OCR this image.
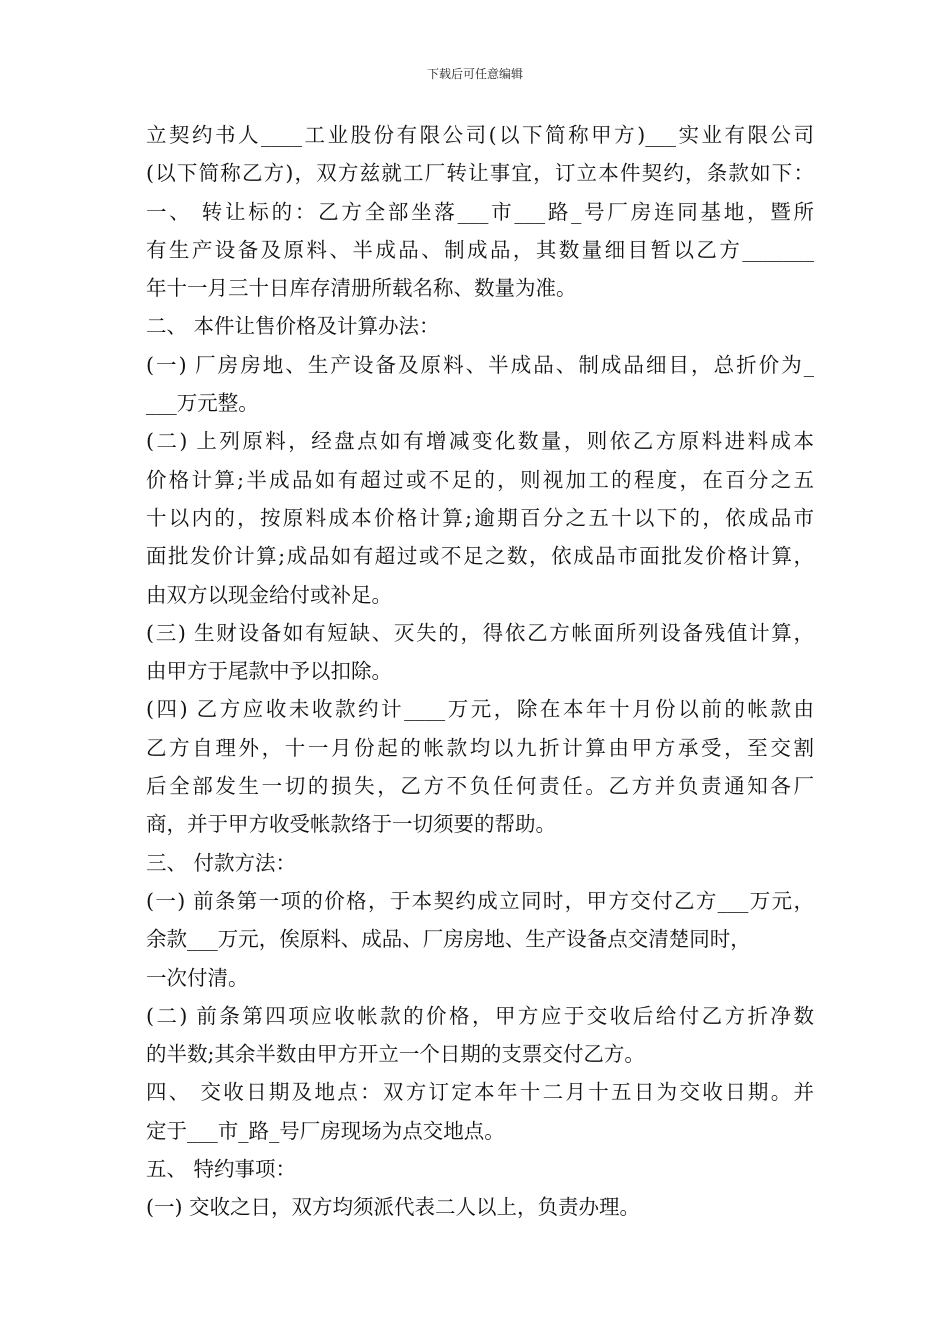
下载后可任意编辑
立契约书人____工业股份有限公司(以下简称甲方)___实业有限公司
(以下简称乙方)，双方兹就工厂转让事宜，订立本件契约，条款如下：
一、 转让标的：乙方全部坐落___市___路_号厂房连同基地，暨所
有生产设备及原料、半成品、制成品，其数量细目暂以乙方_______
年十一月三十日库存清册所载名称、数量为准。
二、 本件让售价格及计算办法：
(一) 厂房房地、生产设备及原料、半成品、制成品细目，总折价为_
___万元整。
(二) 上列原料，经盘点如有增减变化数量，则依乙方原料进料成本
价格计算;半成品如有超过或不足的，则视加工的程度，在百分之五
十以内的，按原料成本价格计算;逾期百分之五十以下的，依成品市
面批发价计算;成品如有超过或不足之数，依成品市面批发价格计算，
由双方以现金给付或补足。
(三) 生财设备如有短缺、灭失的，得依乙方帐面所列设备残值计算，
由甲方于尾款中予以扣除。
(四) 乙方应收未收款约计____万元，除在本年十月份以前的帐款由
乙方自理外，十一月份起的帐款均以九折计算由甲方承受，至交割
后全部发生一切的损失，乙方不负任何责任。乙方并负责通知各厂
商，并于甲方收受帐款络于一切须要的帮助。
三、 付款方法：
(一) 前条第一项的价格，于本契约成立同时，甲方交付乙方___万元，
余款___万元，俟原料、成品、厂房房地、生产设备点交清楚同时，
一次付清。
(二) 前条第四项应收帐款的价格，甲方应于交收后给付乙方折净数
的半数;其余半数由甲方开立一个日期的支票交付乙方。
四、 交收日期及地点：双方订定本年十二月十五日为交收日期。并
定于___市_路_号厂房现场为点交地点。
五、 特约事项：
(一) 交收之日，双方均须派代表二人以上，负责办理。
